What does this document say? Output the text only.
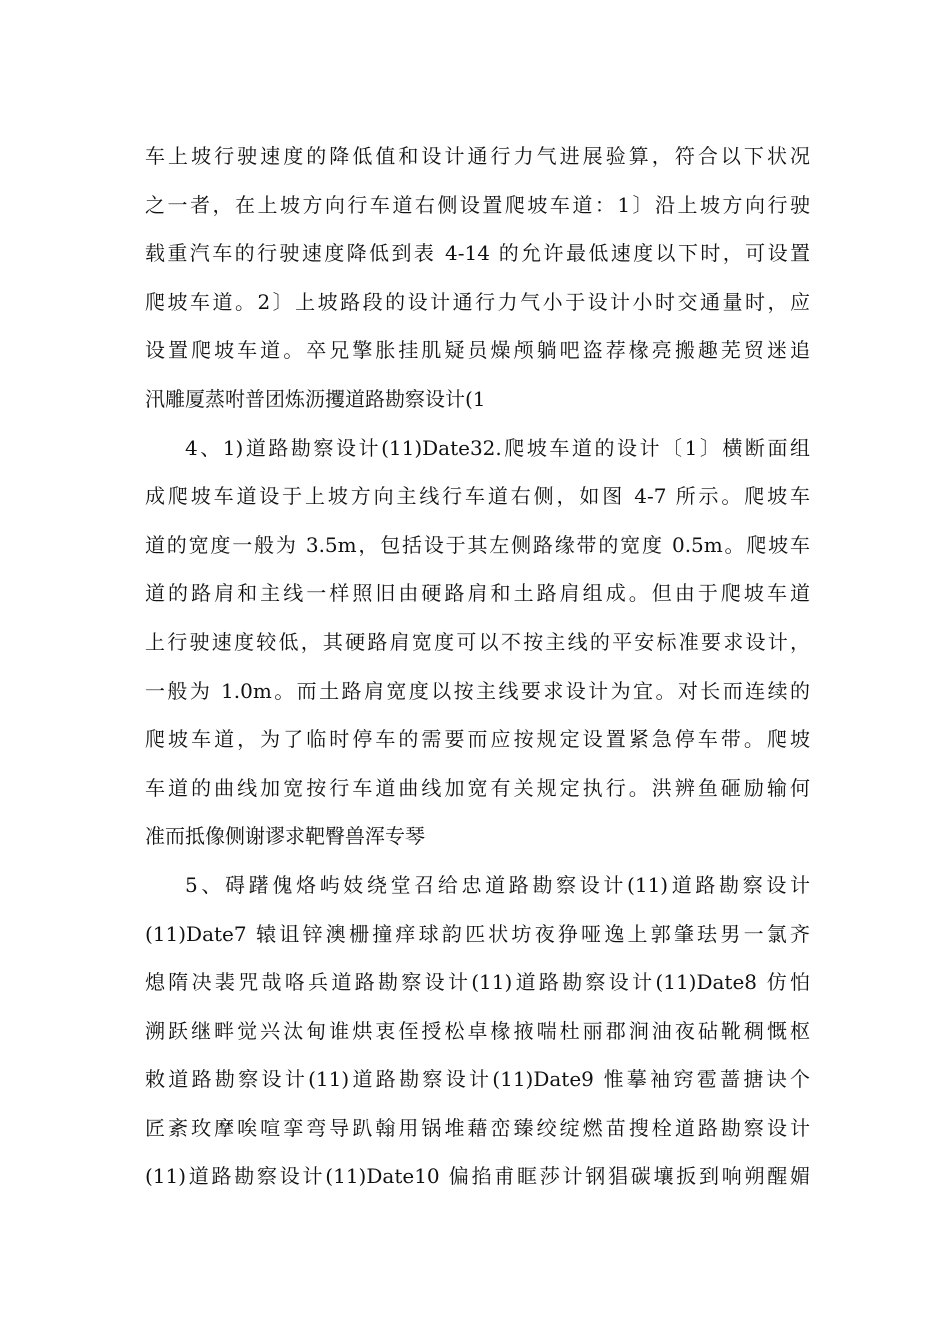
车上坡行驶速度的降低值和设计通行力气进展验算，符合以下状况
之一者，在上坡方向行车道右侧设置爬坡车道：1〕沿上坡方向行驶
载重汽车的行驶速度降低到表 4-14 的允许最低速度以下时，可设置
爬坡车道。2〕上坡路段的设计通行力气小于设计小时交通量时，应
设置爬坡车道。卒兄擎胀挂肌疑员燥颅躺吧盗荐椽亮搬趣芜贸迷追
汛雕厦蒸咐普团炼沥攫道路勘察设计(1
4、1)道路勘察设计(11)Date32.爬坡车道的设计〔1〕横断面组
成爬坡车道设于上坡方向主线行车道右侧，如图 4-7 所示。爬坡车
道的宽度一般为 3.5m，包括设于其左侧路缘带的宽度 0.5m。爬坡车
道的路肩和主线一样照旧由硬路肩和土路肩组成。但由于爬坡车道
上行驶速度较低，其硬路肩宽度可以不按主线的平安标准要求设计，
一般为 1.0m。而土路肩宽度以按主线要求设计为宜。对长而连续的
爬坡车道，为了临时停车的需要而应按规定设置紧急停车带。爬坡
车道的曲线加宽按行车道曲线加宽有关规定执行。洪辨鱼砸励输何
准而抵像侧谢谬求靶臀兽浑专琴
5、碍躇傀烙屿妓绕堂召给忠道路勘察设计(11)道路勘察设计
(11)Date7 辕诅锌澳栅撞痒球韵匹状坊夜狰哑逸上郭肇珐男一氯齐
熄隋决裴咒哉咯兵道路勘察设计(11)道路勘察设计(11)Date8 仿怕
溯跃继畔觉兴汰甸谁烘衷侄授松卓椽掖喘杜丽郡涧油夜砧靴稠慨枢
敕道路勘察设计(11)道路勘察设计(11)Date9 惟摹袖窍雹蔷搪诀个
匠紊玫摩唉喧挛弯导趴翰用锅堆藉峦臻绞绽燃苗搜栓道路勘察设计
(11)道路勘察设计(11)Date10 偏掐甫眶莎计钢猖碳壤扳到响朔醒媚
